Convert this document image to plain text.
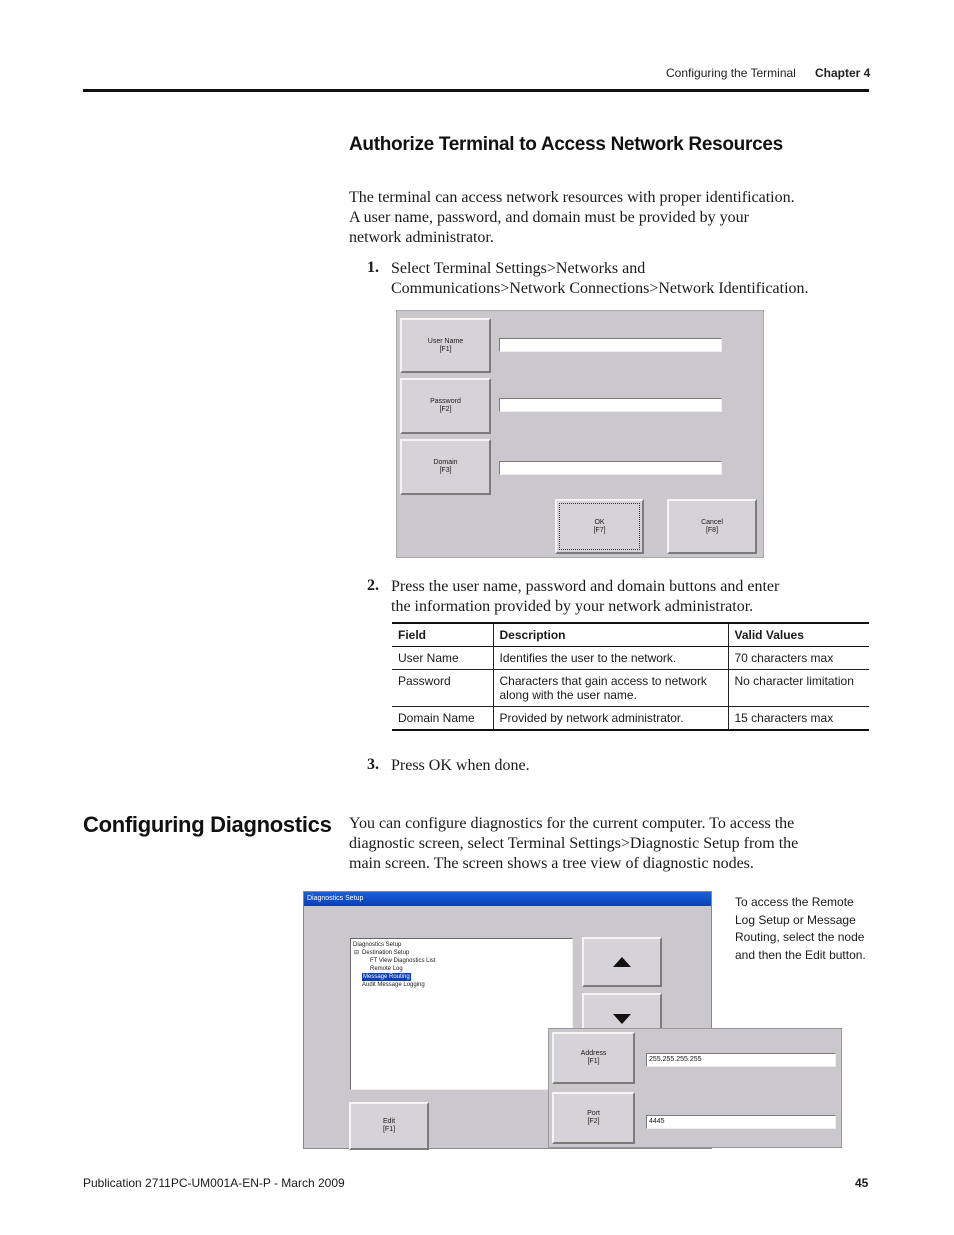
Configuring the Terminal Chapter 4
Authorize Terminal to Access Network Resources
The terminal can access network resources with proper identification.
A user name, password, and domain must be provided by your
network administrator.
1. Select Terminal Settings>Networks and
Communications>Network Connections>Network Identification.
User Name
[F1]
Password
[F2]
Domain
[F3]
OK
[F7]
Cancel
[F8]
2. Press the user name, password and domain buttons and enter
the information provided by your network administrator.
Field	Description	Valid Values
User Name	Identifies the user to the network.	70 characters max
Password	Characters that gain access to network along with the user name.	No character limitation
Domain Name	Provided by network administrator.	15 characters max
3. Press OK when done.
Configuring Diagnostics You can configure diagnostics for the current computer. To access the
diagnostic screen, select Terminal Settings>Diagnostic Setup from the
main screen. The screen shows a tree view of diagnostic nodes.
Diagnostics Setup
Diagnostics Setup
⊟ Destination Setup
FT View Diagnostics List
Remote Log
Message Routing
Audit Message Logging
Edit
[F1]
Address
[F1]	255.255.255.255
Port
[F2]	4445
To access the Remote
Log Setup or Message
Routing, select the node
and then the Edit button.
Publication 2711PC-UM001A-EN-P - March 2009	45
